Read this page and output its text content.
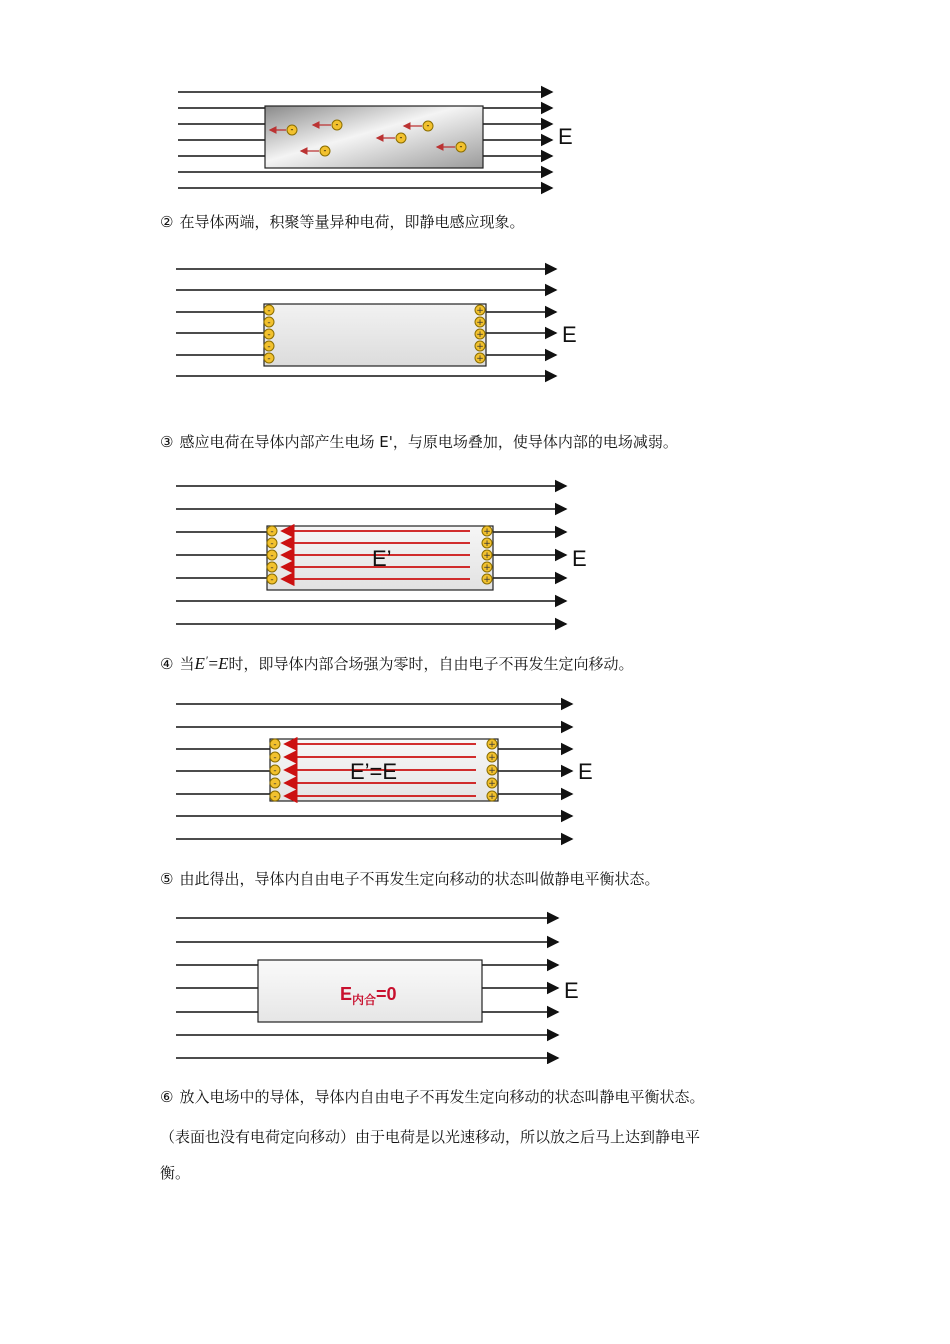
-
-	-
-
-	-	E
② 在导体两端，积聚等量异种电荷，即静电感应现象。
-
-
-
-
-
+
+
+
+
+
E
③ 感应电荷在导体内部产生电场 E'，与原电场叠加，使导体内部的电场减弱。
-
-
-
-
-
+
+
+
+
+
E’	E
④ 当E′=E时，即导体内部合场强为零时，自由电子不再发生定向移动。
-
-
-
-
-
+
+
+
+
+
E’=E	E
⑤ 由此得出，导体内自由电子不再发生定向移动的状态叫做静电平衡状态。
$E_{内合}=0$	E
⑥ 放入电场中的导体，导体内自由电子不再发生定向移动的状态叫静电平衡状态。
（表面也没有电荷定向移动）由于电荷是以光速移动，所以放之后马上达到静电平
衡。
